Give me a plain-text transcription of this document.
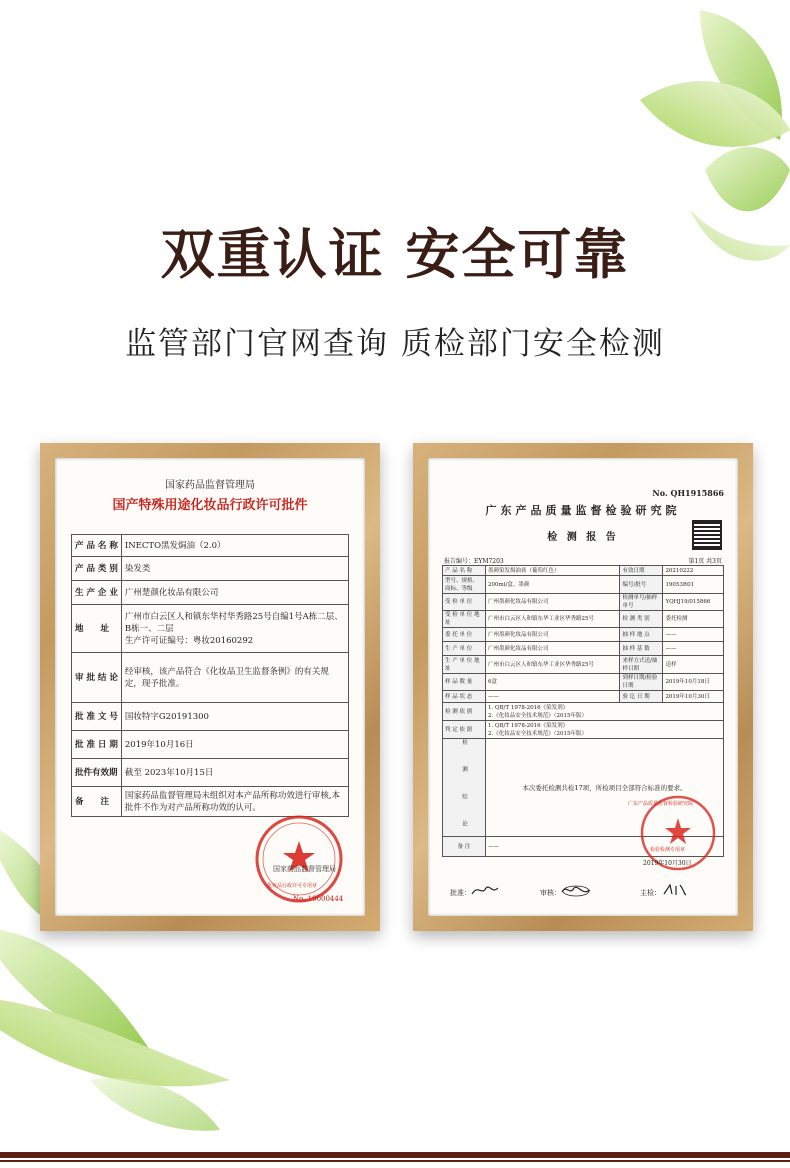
双重认证 安全可靠
监管部门官网查询 质检部门安全检测
国家药品监督管理局
国产特殊用途化妆品行政许可批件
产 品 名 称	INECTO黑发焗油（2.0）
产 品 类 别	染发类
生 产 企 业	广州楚颜化妆品有限公司
地　　址	广州市白云区人和镇东华村华秀路25号自编1号A栋二层、B栋一、二层
生产许可证编号：粤妆20160292
审 批 结 论	经审核，该产品符合《化妆品卫生监督条例》的有关规定，现予批准。
批 准 文 号	国妆特字G20191300
批 准 日 期	2019年10月16日
批件有效期	截至 2023年10月15日
备　　注	国家药品监督管理局未组织对本产品所称功效进行审核,本批件不作为对产品所称功效的认可。
国家药品监督管理局
化妆品行政许可专用章
No. 19000444
No. QH1915866
广东产品质量监督检验研究院
检 测 报 告
报告编号：EYM7203	第1页 共3页
产 品 名 称	墨颜染发焗油膏（葡萄红色）	有效日期	20210222
型号、规格、商标、等级	200ml/盒、墨颜	编号/批号	19053R01
受 检 单 位	广州墨颜化妆品有限公司	检测单号/抽样单号	YQHJ19/015866
受 检 单 位 地址	广州市白云区人和镇东华工业区华秀路25号	检 测 类 别	委托检测
委 托 单 位	广州墨颜化妆品有限公司	抽 样 地 点	——
生 产 单 位	广州墨颜化妆品有限公司	抽 样 基 数	——
生 产 单 位 地址	广州市白云区人和镇东华工业区华秀路25号	来样方式送/抽样日期	送样
样 品 数 量	6盒	到样日期/检验日期	2019年10月18日
样 品 状 态	——	验 讫 日 期	2019年10月30日
检 测 依 据	1. QB/T 1978-2016《染发剂》
2.《化妆品安全技术规范》（2015年版）		
判 定 依 据	1. QB/T 1978-2016《染发剂》
2.《化妆品安全技术规范》（2015年版）		
检 测 结 论	本次委托检测共检17项，所检项目全部符合标准的要求。		
备 注	——		
广东产品质量监督检验研究院
检验检测专用章
2019年10月30日
批准：	审核：	主检：
